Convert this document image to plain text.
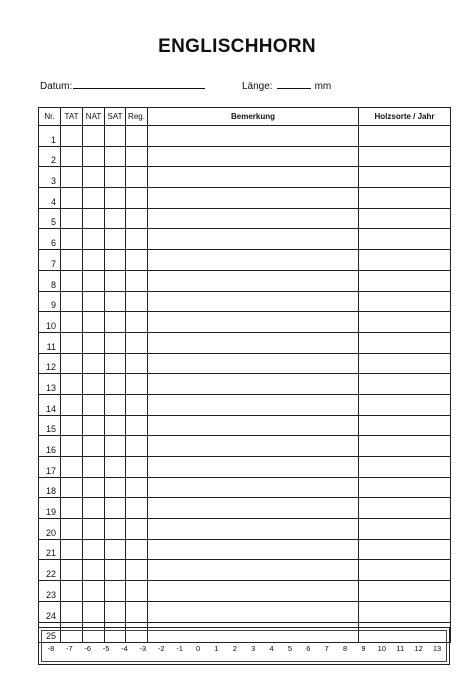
ENGLISCHHORN
Datum:	Länge:	mm
Nr.	TAT	NAT	SAT	Reg.	Bemerkung	Holzsorte / Jahr
1						
2						
3						
4						
5						
6						
7						
8						
9						
10						
11						
12						
13						
14						
15						
16						
17						
18						
19						
20						
21						
22						
23						
24						
25						
-8	-7	-6	-5	-4	-3	-2	-1	0	1	2	3	4	5	6	7	8	9	10	11	12	13
